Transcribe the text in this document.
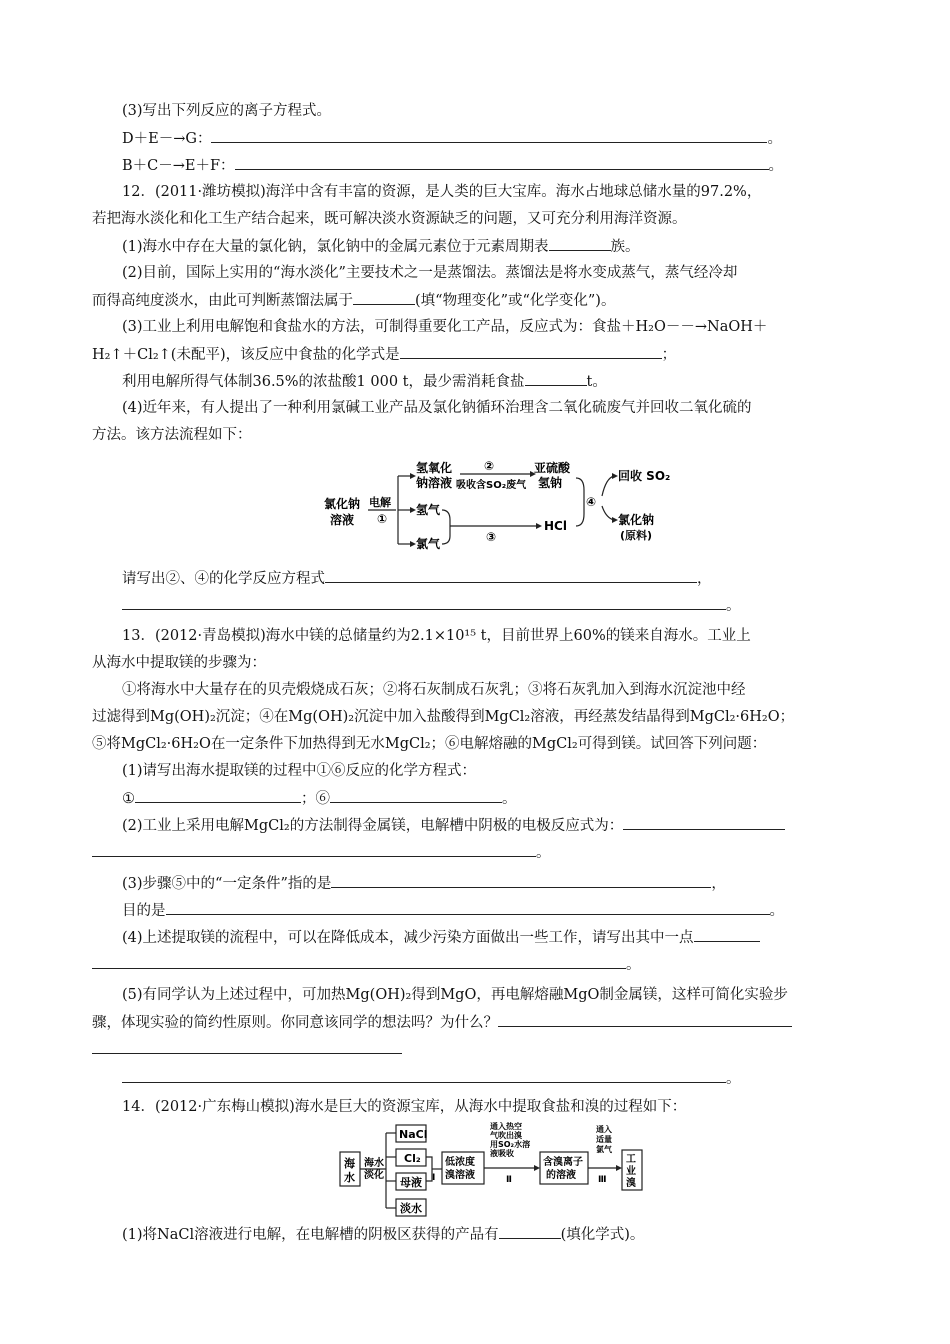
(3)写出下列反应的离子方程式。
D＋E－→G：	。
B＋C－→E＋F：	。
12．(2011·潍坊模拟)海洋中含有丰富的资源，是人类的巨大宝库。海水占地球总储水量的97.2%，
若把海水淡化和化工生产结合起来，既可解决淡水资源缺乏的问题，又可充分利用海洋资源。
(1)海水中存在大量的氯化钠，氯化钠中的金属元素位于元素周期表	族。
(2)目前，国际上实用的“海水淡化”主要技术之一是蒸馏法。蒸馏法是将水变成蒸气，蒸气经冷却
而得高纯度淡水，由此可判断蒸馏法属于	(填“物理变化”或“化学变化”)。
(3)工业上利用电解饱和食盐水的方法，可制得重要化工产品，反应式为：食盐＋H₂O－－→NaOH＋
H₂↑＋Cl₂↑(未配平)，该反应中食盐的化学式是	；
利用电解所得气体制36.5%的浓盐酸1 000 t，最少需消耗食盐	t。
(4)近年来，有人提出了一种利用氯碱工业产品及氯化钠循环治理含二氧化硫废气并回收二氧化硫的
方法。该方法流程如下：
氯化钠
溶液
电解
①
氢氧化
钠溶液
氢气
氯气
②
吸收含SO₂废气
亚硫酸
氢钠
③
HCl
④
回收 SO₂
氯化钠
(原料)
请写出②、④的化学反应方程式	，
。
13．(2012·青岛模拟)海水中镁的总储量约为2.1×10¹⁵ t，目前世界上60%的镁来自海水。工业上
从海水中提取镁的步骤为：
①将海水中大量存在的贝壳煅烧成石灰；②将石灰制成石灰乳；③将石灰乳加入到海水沉淀池中经
过滤得到Mg(OH)₂沉淀；④在Mg(OH)₂沉淀中加入盐酸得到MgCl₂溶液，再经蒸发结晶得到MgCl₂·6H₂O；
⑤将MgCl₂·6H₂O在一定条件下加热得到无水MgCl₂；⑥电解熔融的MgCl₂可得到镁。试回答下列问题：
(1)请写出海水提取镁的过程中①⑥反应的化学方程式：
①	；⑥	。
(2)工业上采用电解MgCl₂的方法制得金属镁，电解槽中阴极的电极反应式为：
。
(3)步骤⑤中的“一定条件”指的是	，
目的是	。
(4)上述提取镁的流程中，可以在降低成本，减少污染方面做出一些工作，请写出其中一点
。
(5)有同学认为上述过程中，可加热Mg(OH)₂得到MgO，再电解熔融MgO制金属镁，这样可简化实验步
骤，体现实验的简约性原则。你同意该同学的想法吗？为什么？
。
14．(2012·广东梅山模拟)海水是巨大的资源宝库，从海水中提取食盐和溴的过程如下：
海
水
海水
淡化
NaCl
Cl₂
母液
淡水
Ⅰ
低浓度
溴溶液
通入热空
气吹出溴
用SO₂水溶
液吸收
Ⅱ
含溴离子
的溶液
通入
适量
氯气
Ⅲ
工
业
溴
(1)将NaCl溶液进行电解，在电解槽的阴极区获得的产品有	(填化学式)。
